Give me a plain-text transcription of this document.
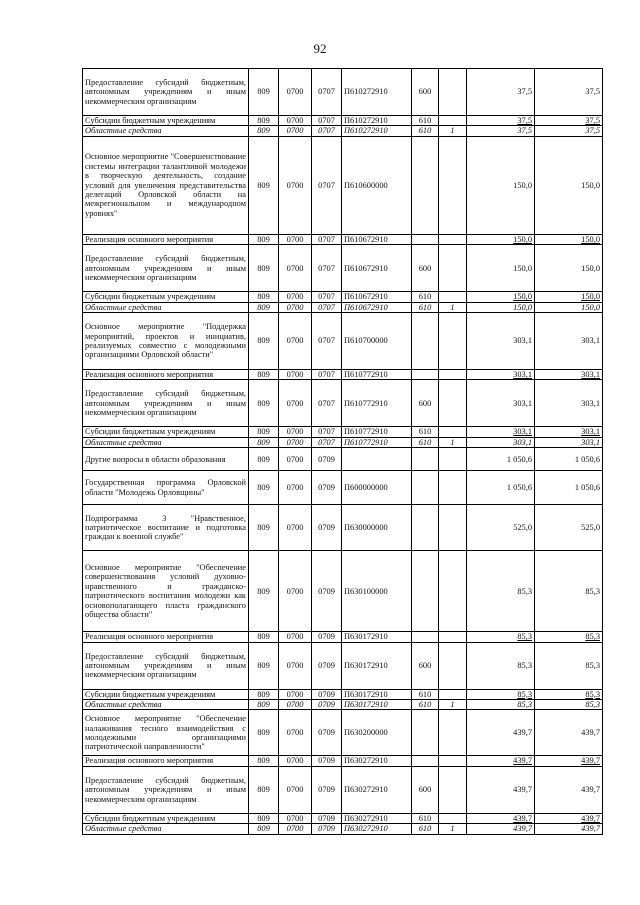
92
Предоставление субсидий бюджетным, автономным учреждениям и иным некоммерческим организациям	809	0700	0707	П610272910	600		37,5	37,5
Субсидии бюджетным учреждениям	809	0700	0707	П610272910	610		37,5	37,5
Областные средства	809	0700	0707	П610272910	610	1	37,5	37,5
Основное мероприятие "Совершенствование системы интеграции талантливой молодежи в творческую деятельность, создание условий для увеличения представительства делегаций Орловской области на межрегиональном и международном уровнях"	809	0700	0707	П610600000			150,0	150,0
Реализация основного мероприятия	809	0700	0707	П610672910			150,0	150,0
Предоставление субсидий бюджетным, автономным учреждениям и иным некоммерческим организациям	809	0700	0707	П610672910	600		150,0	150,0
Субсидии бюджетным учреждениям	809	0700	0707	П610672910	610		150,0	150,0
Областные средства	809	0700	0707	П610672910	610	1	150,0	150,0
Основное мероприятие "Поддержка мероприятий, проектов и инициатив, реализуемых совместно с молодежными организациями Орловской области"	809	0700	0707	П610700000			303,1	303,1
Реализация основного мероприятия	809	0700	0707	П610772910			303,1	303,1
Предоставление субсидий бюджетным, автономным учреждениям и иным некоммерческим организациям	809	0700	0707	П610772910	600		303,1	303,1
Субсидии бюджетным учреждениям	809	0700	0707	П610772910	610		303,1	303,1
Областные средства	809	0700	0707	П610772910	610	1	303,1	303,1
Другие вопросы в области образования	809	0700	0709				1 050,6	1 050,6
Государственная программа Орловской области "Молодежь Орловщины"	809	0700	0709	П600000000			1 050,6	1 050,6
Подпрограмма 3 "Нравственное, патриотическое воспитание и подготовка граждан к военной службе"	809	0700	0709	П630000000			525,0	525,0
Основное мероприятие "Обеспечение совершенствования условий духовно-нравственного и гражданско-патриотического воспитания молодежи как основополагающего пласта гражданского общества области"	809	0700	0709	П630100000			85,3	85,3
Реализация основного мероприятия	809	0700	0709	П630172910			85,3	85,3
Предоставление субсидий бюджетным, автономным учреждениям и иным некоммерческим организациям	809	0700	0709	П630172910	600		85,3	85,3
Субсидии бюджетным учреждениям	809	0700	0709	П630172910	610		85,3	85,3
Областные средства	809	0700	0709	П630172910	610	1	85,3	85,3
Основное мероприятие "Обеспечение налаживания тесного взаимодействия с молодежными организациями патриотической направленности"	809	0700	0709	П630200000			439,7	439,7
Реализация основного мероприятия	809	0700	0709	П630272910			439,7	439,7
Предоставление субсидий бюджетным, автономным учреждениям и иным некоммерческим организациям	809	0700	0709	П630272910	600		439,7	439,7
Субсидии бюджетным учреждениям	809	0700	0709	П630272910	610		439,7	439,7
Областные средства	809	0700	0709	П630272910	610	1	439,7	439,7
